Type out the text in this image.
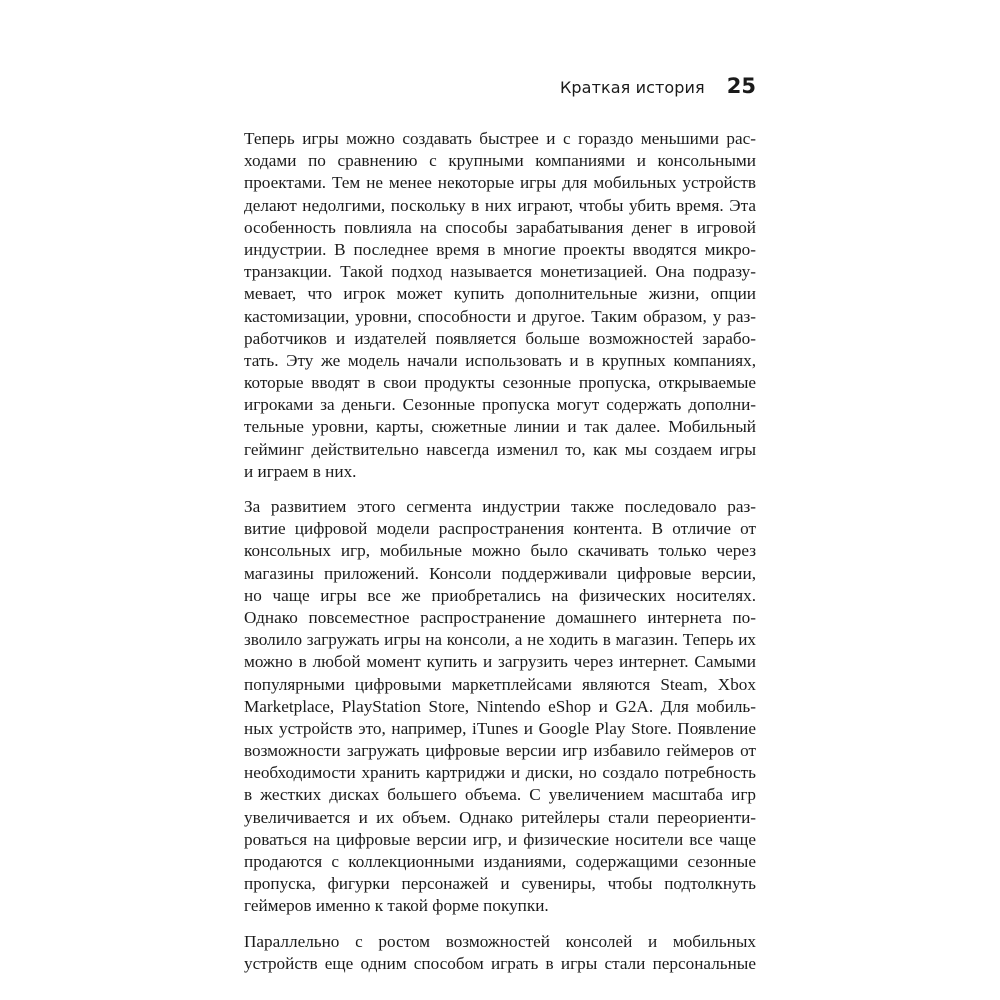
Краткая история 25
Теперь игры можно создавать быстрее и с гораздо меньшими рас-
ходами по сравнению с крупными компаниями и консольными
проектами. Тем не менее некоторые игры для мобильных устройств
делают недолгими, поскольку в них играют, чтобы убить время. Эта
особенность повлияла на способы зарабатывания денег в игровой
индустрии. В последнее время в многие проекты вводятся микро-
транзакции. Такой подход называется монетизацией. Она подразу-
мевает, что игрок может купить дополнительные жизни, опции
кастомизации, уровни, способности и другое. Таким образом, у раз-
работчиков и издателей появляется больше возможностей зарабо-
тать. Эту же модель начали использовать и в крупных компаниях,
которые вводят в свои продукты сезонные пропуска, открываемые
игроками за деньги. Сезонные пропуска могут содержать дополни-
тельные уровни, карты, сюжетные линии и так далее. Мобильный
гейминг действительно навсегда изменил то, как мы создаем игры
и играем в них.
За развитием этого сегмента индустрии также последовало раз-
витие цифровой модели распространения контента. В отличие от
консольных игр, мобильные можно было скачивать только через
магазины приложений. Консоли поддерживали цифровые версии,
но чаще игры все же приобретались на физических носителях.
Однако повсеместное распространение домашнего интернета по-
зволило загружать игры на консоли, а не ходить в магазин. Теперь их
можно в любой момент купить и загрузить через интернет. Самыми
популярными цифровыми маркетплейсами являются Steam, Xbox
Marketplace, PlayStation Store, Nintendo eShop и G2A. Для мобиль-
ных устройств это, например, iTunes и Google Play Store. Появление
возможности загружать цифровые версии игр избавило геймеров от
необходимости хранить картриджи и диски, но создало потребность
в жестких дисках большего объема. С увеличением масштаба игр
увеличивается и их объем. Однако ритейлеры стали переориенти-
роваться на цифровые версии игр, и физические носители все чаще
продаются с коллекционными изданиями, содержащими сезонные
пропуска, фигурки персонажей и сувениры, чтобы подтолкнуть
геймеров именно к такой форме покупки.
Параллельно с ростом возможностей консолей и мобильных
устройств еще одним способом играть в игры стали персональные
